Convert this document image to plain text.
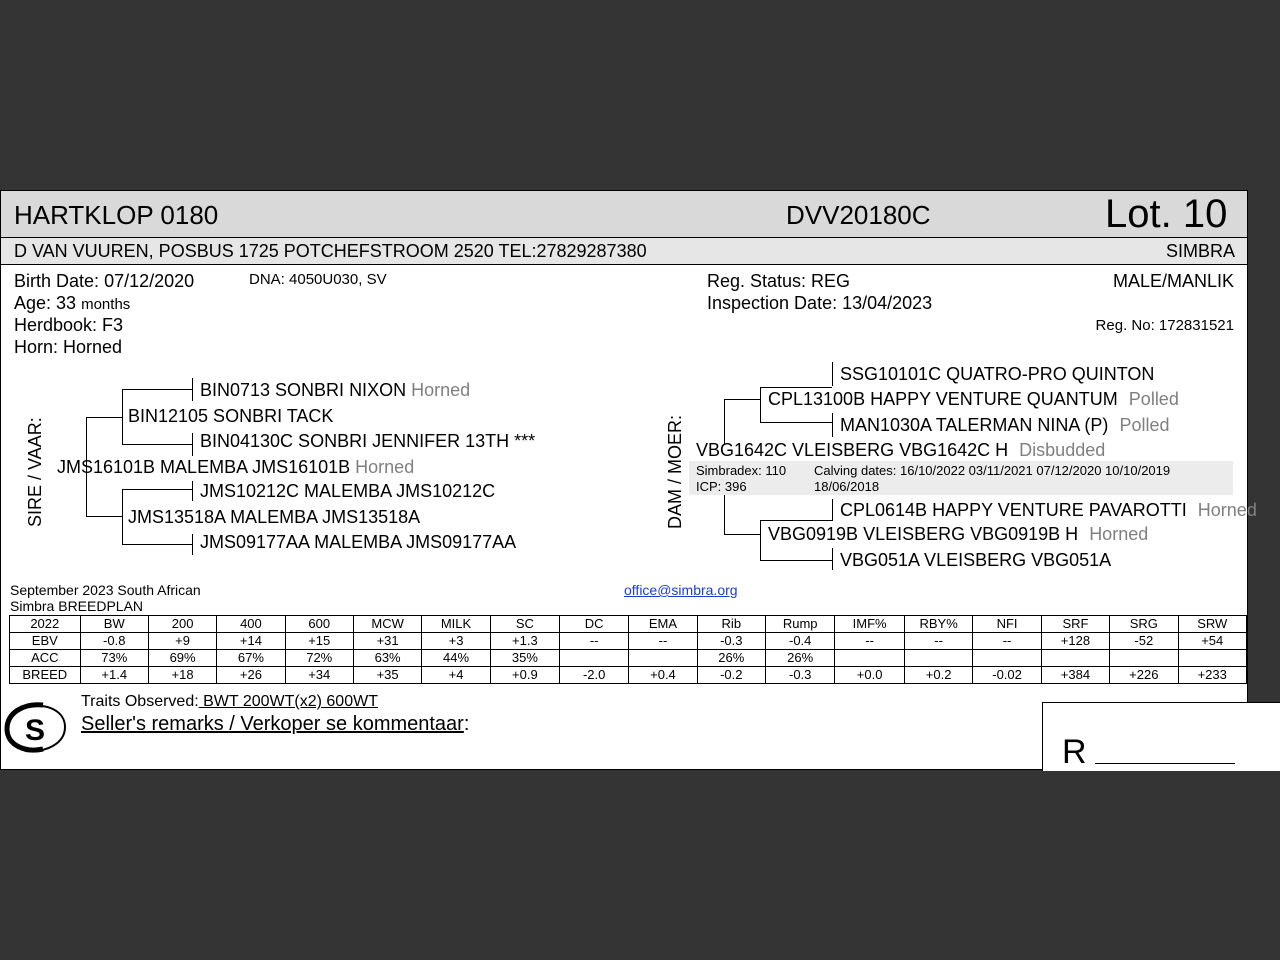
HARTKLOP 0180	DVV20180C	Lot. 10
D VAN VUUREN, POSBUS 1725 POTCHEFSTROOM 2520 TEL:27829287380	SIMBRA
Birth Date: 07/12/2020	DNA: 4050U030, SV
Age: 33 months
Herdbook: F3
Horn: Horned
Reg. Status: REG
Inspection Date: 13/04/2023
MALE/MANLIK
Reg. No: 172831521
SIRE / VAAR:
BIN0713 SONBRI NIXON Horned
BIN12105 SONBRI TACK
BIN04130C SONBRI JENNIFER 13TH ***
JMS16101B MALEMBA JMS16101B Horned
JMS10212C MALEMBA JMS10212C
JMS13518A MALEMBA JMS13518A
JMS09177AA MALEMBA JMS09177AA
DAM / MOER:
SSG10101C QUATRO-PRO QUINTON
CPL13100B HAPPY VENTURE QUANTUM Polled
MAN1030A TALERMAN NINA (P) Polled
VBG1642C VLEISBERG VBG1642C H Disbudded
Simbradex: 110
ICP: 396
Calving dates: 16/10/2022 03/11/2021 07/12/2020 10/10/2019
18/06/2018
CPL0614B HAPPY VENTURE PAVAROTTI Horned
VBG0919B VLEISBERG VBG0919B H Horned
VBG051A VLEISBERG VBG051A
September 2023 South African
Simbra BREEDPLAN
office@simbra.org
2022	BW	200	400	600	MCW	MILK	SC	DC	EMA	Rib	Rump	IMF%	RBY%	NFI	SRF	SRG	SRW
EBV	-0.8	+9	+14	+15	+31	+3	+1.3	--	--	-0.3	-0.4	--	--	--	+128	-52	+54
ACC	73%	69%	67%	72%	63%	44%	35%			26%	26%						
BREED	+1.4	+18	+26	+34	+35	+4	+0.9	-2.0	+0.4	-0.2	-0.3	+0.0	+0.2	-0.02	+384	+226	+233
S
Traits Observed: BWT 200WT(x2) 600WT
Seller's remarks / Verkoper se kommentaar:
R
